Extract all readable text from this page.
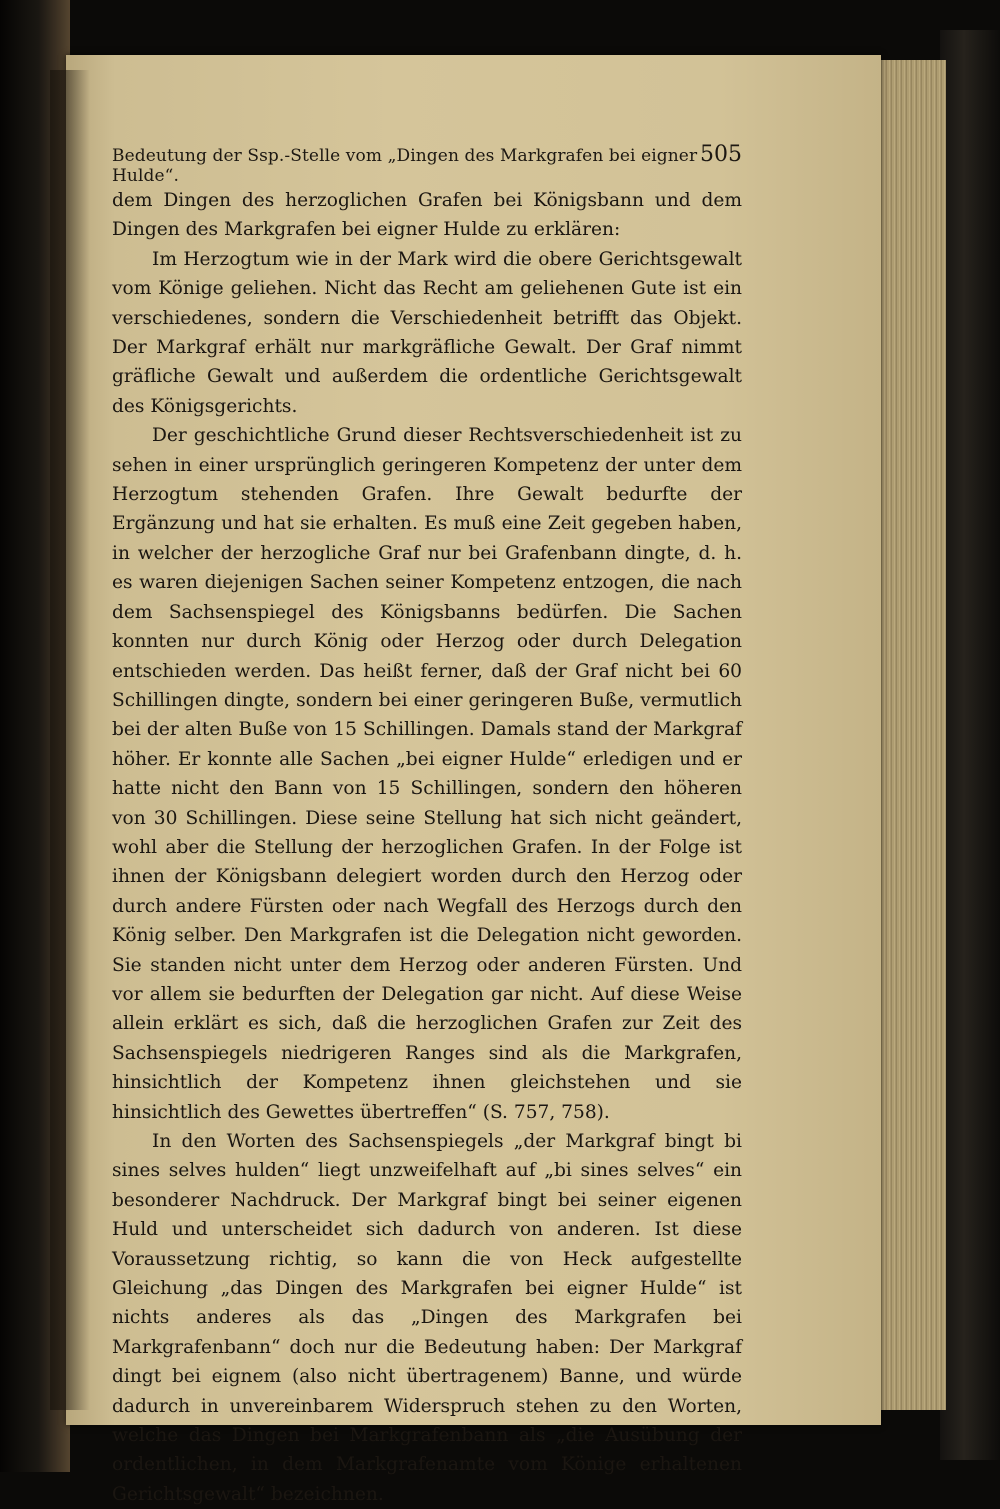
Bedeutung der Ssp.-Stelle vom „Dingen des Markgrafen bei eigner Hulde“.
505

dem Dingen des herzoglichen Grafen bei Königsbann und dem Dingen des Markgrafen bei eigner Hulde zu erklären:

Im Herzogtum wie in der Mark wird die obere Gerichtsgewalt vom Könige geliehen. Nicht das Recht am geliehenen Gute ist ein verschiedenes, sondern die Verschiedenheit betrifft das Objekt. Der Markgraf erhält nur markgräfliche Gewalt. Der Graf nimmt gräfliche Gewalt und außerdem die ordentliche Gerichtsgewalt des Königsgerichts.

Der geschichtliche Grund dieser Rechtsverschiedenheit ist zu sehen in einer ursprünglich geringeren Kompetenz der unter dem Herzogtum stehenden Grafen. Ihre Gewalt bedurfte der Ergänzung und hat sie erhalten. Es muß eine Zeit gegeben haben, in welcher der herzogliche Graf nur bei Grafenbann dingte, d. h. es waren diejenigen Sachen seiner Kompetenz entzogen, die nach dem Sachsenspiegel des Königsbanns bedürfen. Die Sachen konnten nur durch König oder Herzog oder durch Delegation entschieden werden. Das heißt ferner, daß der Graf nicht bei 60 Schillingen dingte, sondern bei einer geringeren Buße, vermutlich bei der alten Buße von 15 Schillingen. Damals stand der Markgraf höher. Er konnte alle Sachen „bei eigner Hulde“ erledigen und er hatte nicht den Bann von 15 Schillingen, sondern den höheren von 30 Schillingen. Diese seine Stellung hat sich nicht geändert, wohl aber die Stellung der herzoglichen Grafen. In der Folge ist ihnen der Königsbann delegiert worden durch den Herzog oder durch andere Fürsten oder nach Wegfall des Herzogs durch den König selber. Den Markgrafen ist die Delegation nicht geworden. Sie standen nicht unter dem Herzog oder anderen Fürsten. Und vor allem sie bedurften der Delegation gar nicht. Auf diese Weise allein erklärt es sich, daß die herzoglichen Grafen zur Zeit des Sachsenspiegels niedrigeren Ranges sind als die Markgrafen, hinsichtlich der Kompetenz ihnen gleichstehen und sie hinsichtlich des Gewettes übertreffen“ (S. 757, 758).

In den Worten des Sachsenspiegels „der Markgraf bingt bi sines selves hulden“ liegt unzweifelhaft auf „bi sines selves“ ein besonderer Nachdruck. Der Markgraf bingt bei seiner eigenen Huld und unterscheidet sich dadurch von anderen. Ist diese Voraussetzung richtig, so kann die von Heck aufgestellte Gleichung „das Dingen des Markgrafen bei eigner Hulde“ ist nichts anderes als das „Dingen des Markgrafen bei Markgrafenbann“ doch nur die Bedeutung haben: Der Markgraf dingt bei eignem (also nicht übertragenem) Banne, und würde dadurch in unvereinbarem Widerspruch stehen zu den Worten, welche das Dingen bei Markgrafenbann als „die Ausübung der ordentlichen, in dem Markgrafenamte vom Könige erhaltenen Gerichtsgewalt“ bezeichnen.
